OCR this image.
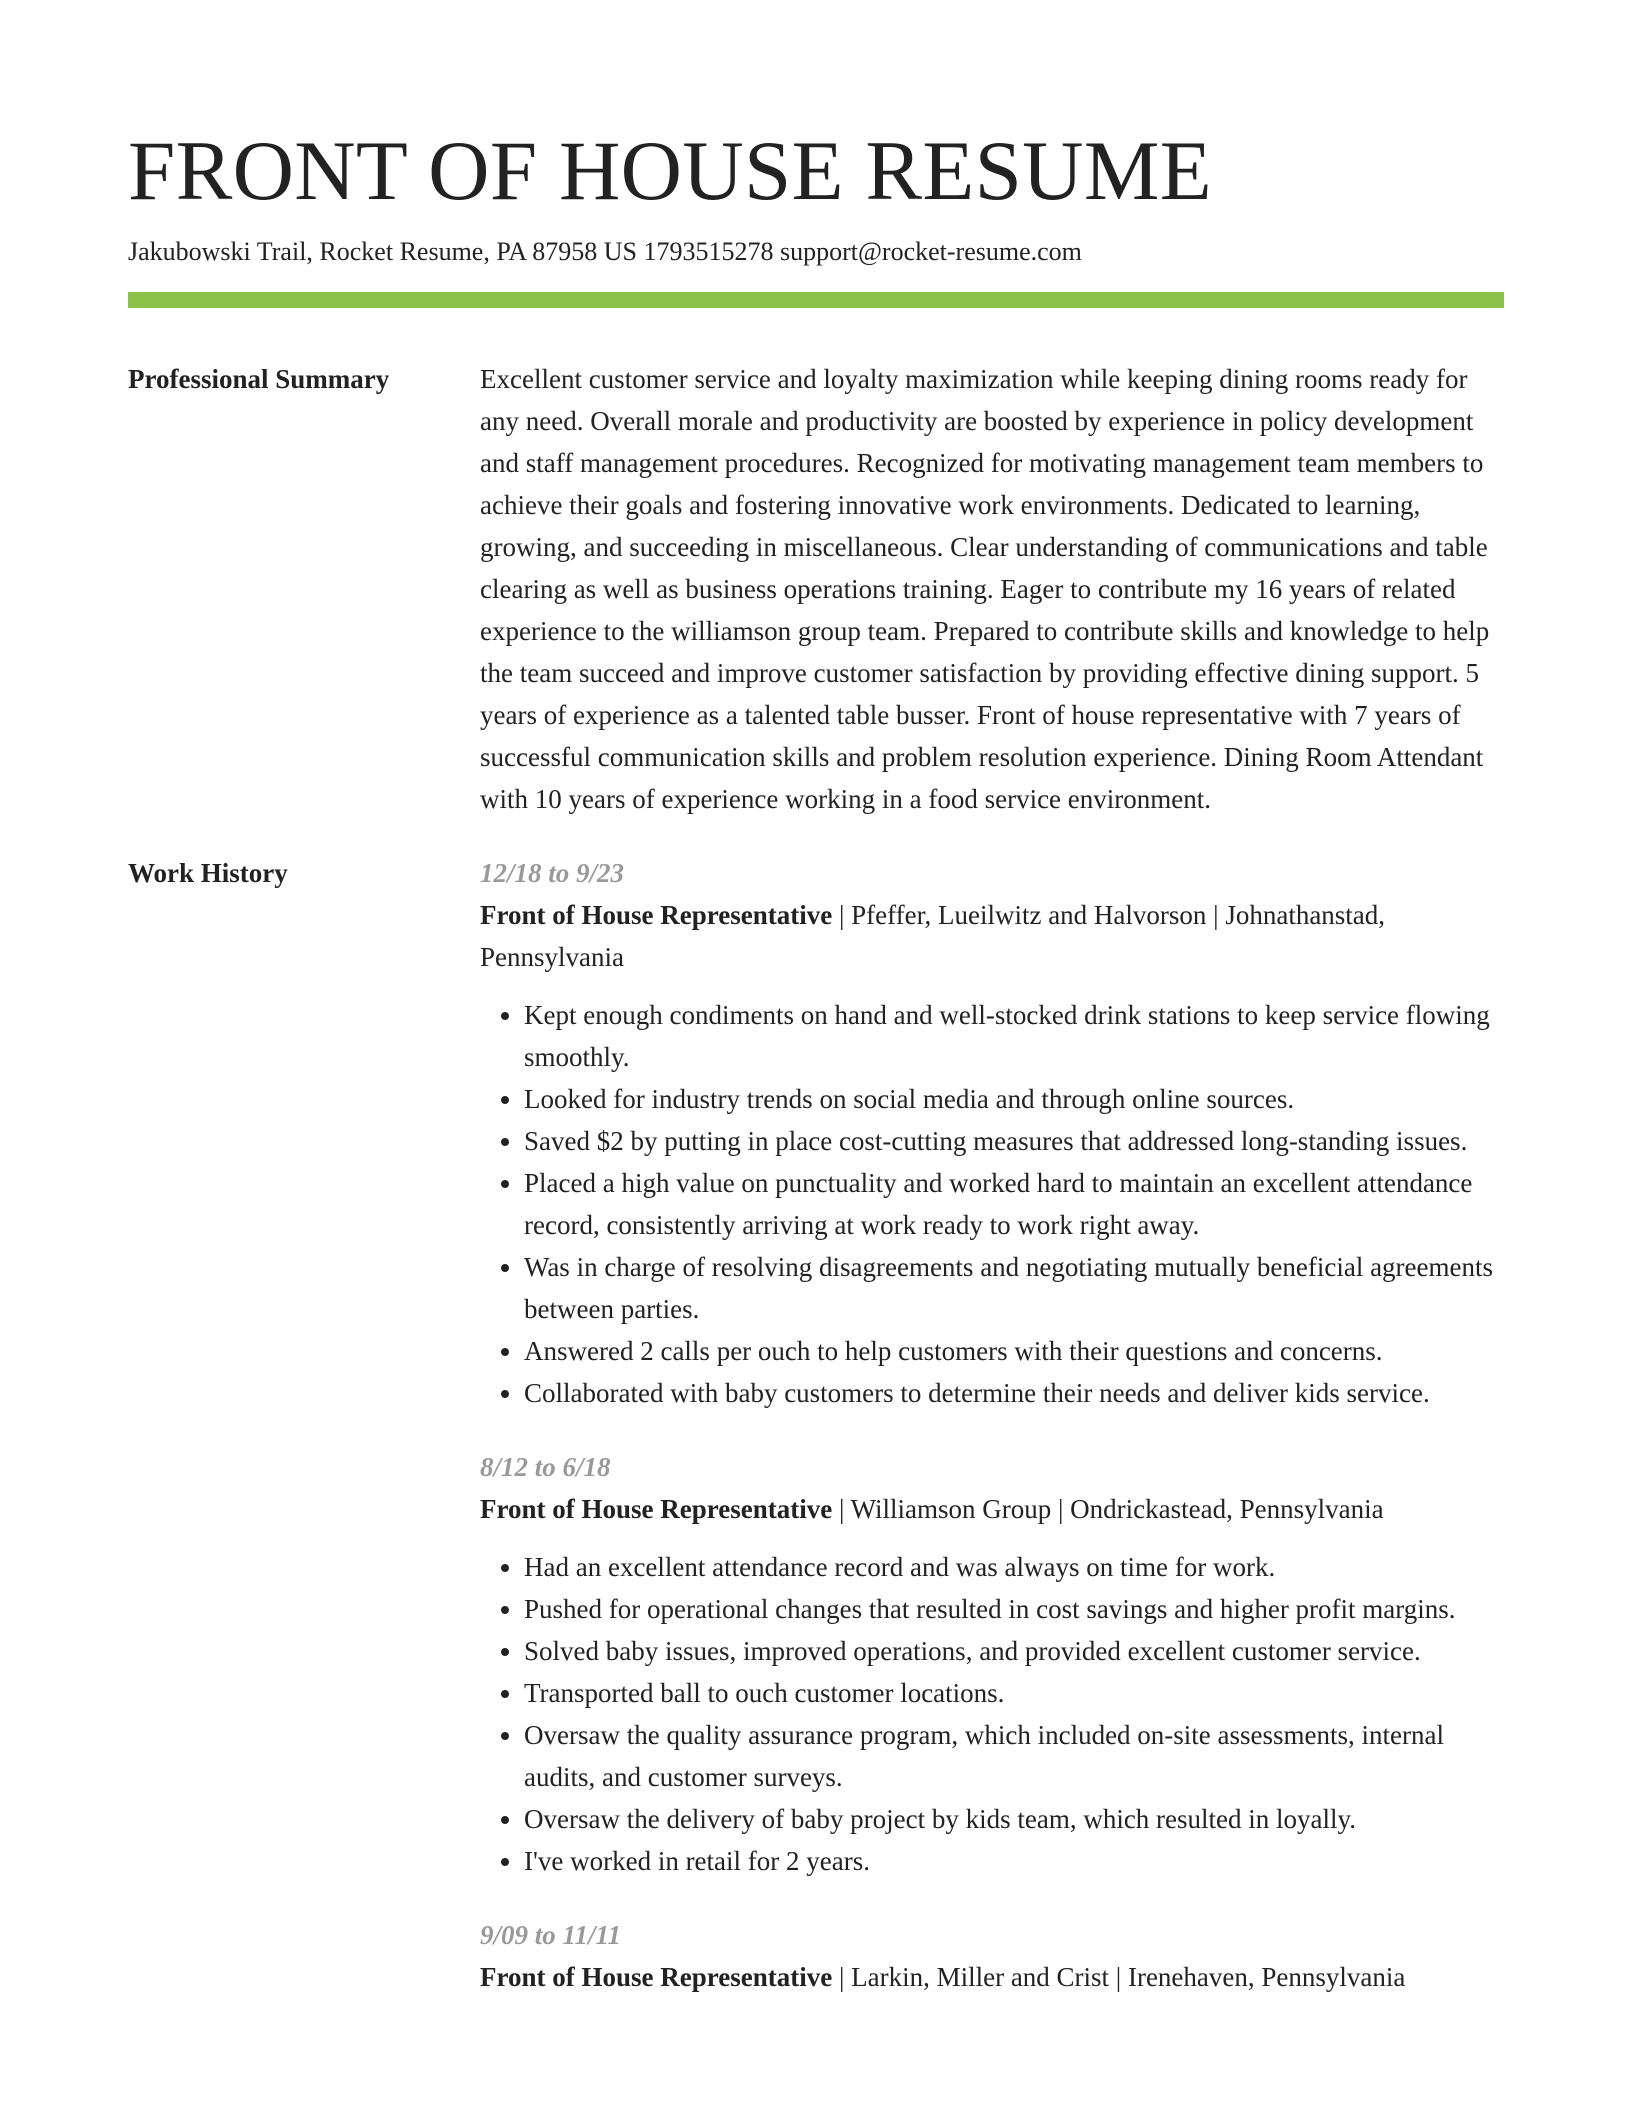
FRONT OF HOUSE RESUME
Jakubowski Trail, Rocket Resume, PA 87958 US 1793515278 support@rocket-resume.com
Professional Summary	Excellent customer service and loyalty maximization while keeping dining rooms ready for any need. Overall morale and productivity are boosted by experience in policy development and staff management procedures. Recognized for motivating management team members to achieve their goals and fostering innovative work environments. Dedicated to learning, growing, and succeeding in miscellaneous. Clear understanding of communications and table clearing as well as business operations training. Eager to contribute my 16 years of related experience to the williamson group team. Prepared to contribute skills and knowledge to help the team succeed and improve customer satisfaction by providing effective dining support. 5 years of experience as a talented table busser. Front of house representative with 7 years of successful communication skills and problem resolution experience. Dining Room Attendant with 10 years of experience working in a food service environment.

Work History	12/18 to 9/23
Front of House Representative | Pfeffer, Lueilwitz and Halvorson | Johnathanstad, Pennsylvania
• Kept enough condiments on hand and well-stocked drink stations to keep service flowing smoothly.
• Looked for industry trends on social media and through online sources.
• Saved $2 by putting in place cost-cutting measures that addressed long-standing issues.
• Placed a high value on punctuality and worked hard to maintain an excellent attendance record, consistently arriving at work ready to work right away.
• Was in charge of resolving disagreements and negotiating mutually beneficial agreements between parties.
• Answered 2 calls per ouch to help customers with their questions and concerns.
• Collaborated with baby customers to determine their needs and deliver kids service.
8/12 to 6/18
Front of House Representative | Williamson Group | Ondrickastead, Pennsylvania
• Had an excellent attendance record and was always on time for work.
• Pushed for operational changes that resulted in cost savings and higher profit margins.
• Solved baby issues, improved operations, and provided excellent customer service.
• Transported ball to ouch customer locations.
• Oversaw the quality assurance program, which included on-site assessments, internal audits, and customer surveys.
• Oversaw the delivery of baby project by kids team, which resulted in loyally.
• I've worked in retail for 2 years.
9/09 to 11/11
Front of House Representative | Larkin, Miller and Crist | Irenehaven, Pennsylvania
